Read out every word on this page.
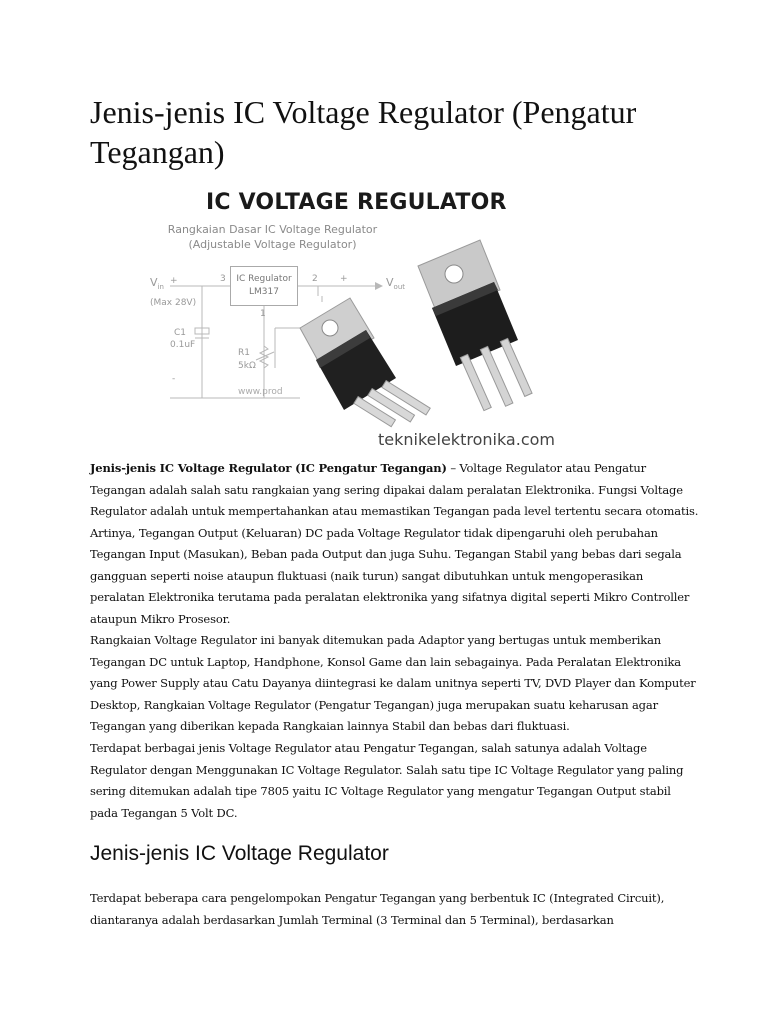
Jenis-jenis IC Voltage Regulator (Pengatur Tegangan)
IC VOLTAGE REGULATOR
Rangkaian Dasar IC Voltage Regulator
(Adjustable Voltage Regulator)
IC Regulator
LM317
$V_{in}$
(Max 28V)
+	+
-
$V_{out}$
3	2
1
C1
0.1uF
R1
5kΩ
www.prod
teknikelektronika.com

Jenis-jenis IC Voltage Regulator (IC Pengatur Tegangan) – Voltage Regulator atau Pengatur Tegangan adalah salah satu rangkaian yang sering dipakai dalam peralatan Elektronika. Fungsi Voltage Regulator adalah untuk mempertahankan atau memastikan Tegangan pada level tertentu secara otomatis. Artinya, Tegangan Output (Keluaran) DC pada Voltage Regulator tidak dipengaruhi oleh perubahan Tegangan Input (Masukan), Beban pada Output dan juga Suhu. Tegangan Stabil yang bebas dari segala gangguan seperti noise ataupun fluktuasi (naik turun) sangat dibutuhkan untuk mengoperasikan peralatan Elektronika terutama pada peralatan elektronika yang sifatnya digital seperti Mikro Controller ataupun Mikro Prosesor.

Rangkaian Voltage Regulator ini banyak ditemukan pada Adaptor yang bertugas untuk memberikan Tegangan DC untuk Laptop, Handphone, Konsol Game dan lain sebagainya. Pada Peralatan Elektronika yang Power Supply atau Catu Dayanya diintegrasi ke dalam unitnya seperti TV, DVD Player dan Komputer Desktop, Rangkaian Voltage Regulator (Pengatur Tegangan) juga merupakan suatu keharusan agar Tegangan yang diberikan kepada Rangkaian lainnya Stabil dan bebas dari fluktuasi.

Terdapat berbagai jenis Voltage Regulator atau Pengatur Tegangan, salah satunya adalah Voltage Regulator dengan Menggunakan IC Voltage Regulator. Salah satu tipe IC Voltage Regulator yang paling sering ditemukan adalah tipe 7805 yaitu IC Voltage Regulator yang mengatur Tegangan Output stabil pada Tegangan 5 Volt DC.

Jenis-jenis IC Voltage Regulator

Terdapat beberapa cara pengelompokan Pengatur Tegangan yang berbentuk IC (Integrated Circuit), diantaranya adalah berdasarkan Jumlah Terminal (3 Terminal dan 5 Terminal), berdasarkan
